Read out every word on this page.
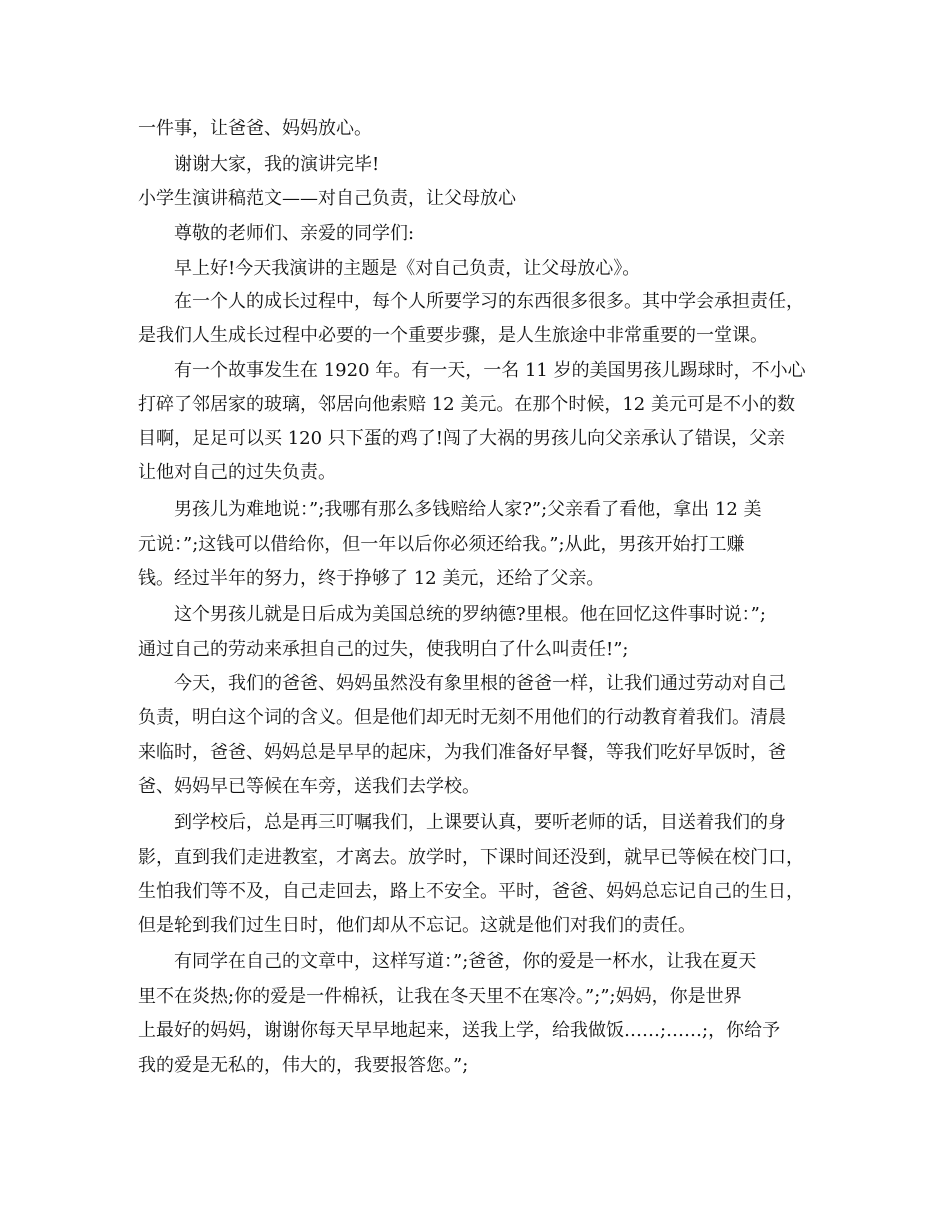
一件事，让爸爸、妈妈放心。
谢谢大家，我的演讲完毕!
小学生演讲稿范文——对自己负责，让父母放心
尊敬的老师们、亲爱的同学们:
早上好!今天我演讲的主题是《对自己负责，让父母放心》。
在一个人的成长过程中，每个人所要学习的东西很多很多。其中学会承担责任，
是我们人生成长过程中必要的一个重要步骤，是人生旅途中非常重要的一堂课。
有一个故事发生在 1920 年。有一天，一名 11 岁的美国男孩儿踢球时，不小心
打碎了邻居家的玻璃，邻居向他索赔 12 美元。在那个时候，12 美元可是不小的数
目啊，足足可以买 120 只下蛋的鸡了!闯了大祸的男孩儿向父亲承认了错误，父亲
让他对自己的过失负责。
男孩儿为难地说：”;我哪有那么多钱赔给人家?”;父亲看了看他，拿出 12 美
元说：”;这钱可以借给你，但一年以后你必须还给我。”;从此，男孩开始打工赚
钱。经过半年的努力，终于挣够了 12 美元，还给了父亲。
这个男孩儿就是日后成为美国总统的罗纳德?里根。他在回忆这件事时说：”;
通过自己的劳动来承担自己的过失，使我明白了什么叫责任!”;
今天，我们的爸爸、妈妈虽然没有象里根的爸爸一样，让我们通过劳动对自己
负责，明白这个词的含义。但是他们却无时无刻不用他们的行动教育着我们。清晨
来临时，爸爸、妈妈总是早早的起床，为我们准备好早餐，等我们吃好早饭时，爸
爸、妈妈早已等候在车旁，送我们去学校。
到学校后，总是再三叮嘱我们，上课要认真，要听老师的话，目送着我们的身
影，直到我们走进教室，才离去。放学时，下课时间还没到，就早已等候在校门口，
生怕我们等不及，自己走回去，路上不安全。平时，爸爸、妈妈总忘记自己的生日，
但是轮到我们过生日时，他们却从不忘记。这就是他们对我们的责任。
有同学在自己的文章中，这样写道：”;爸爸，你的爱是一杯水，让我在夏天
里不在炎热;你的爱是一件棉袄，让我在冬天里不在寒冷。”;”;妈妈，你是世界
上最好的妈妈，谢谢你每天早早地起来，送我上学，给我做饭……;……;，你给予
我的爱是无私的，伟大的，我要报答您。”;
